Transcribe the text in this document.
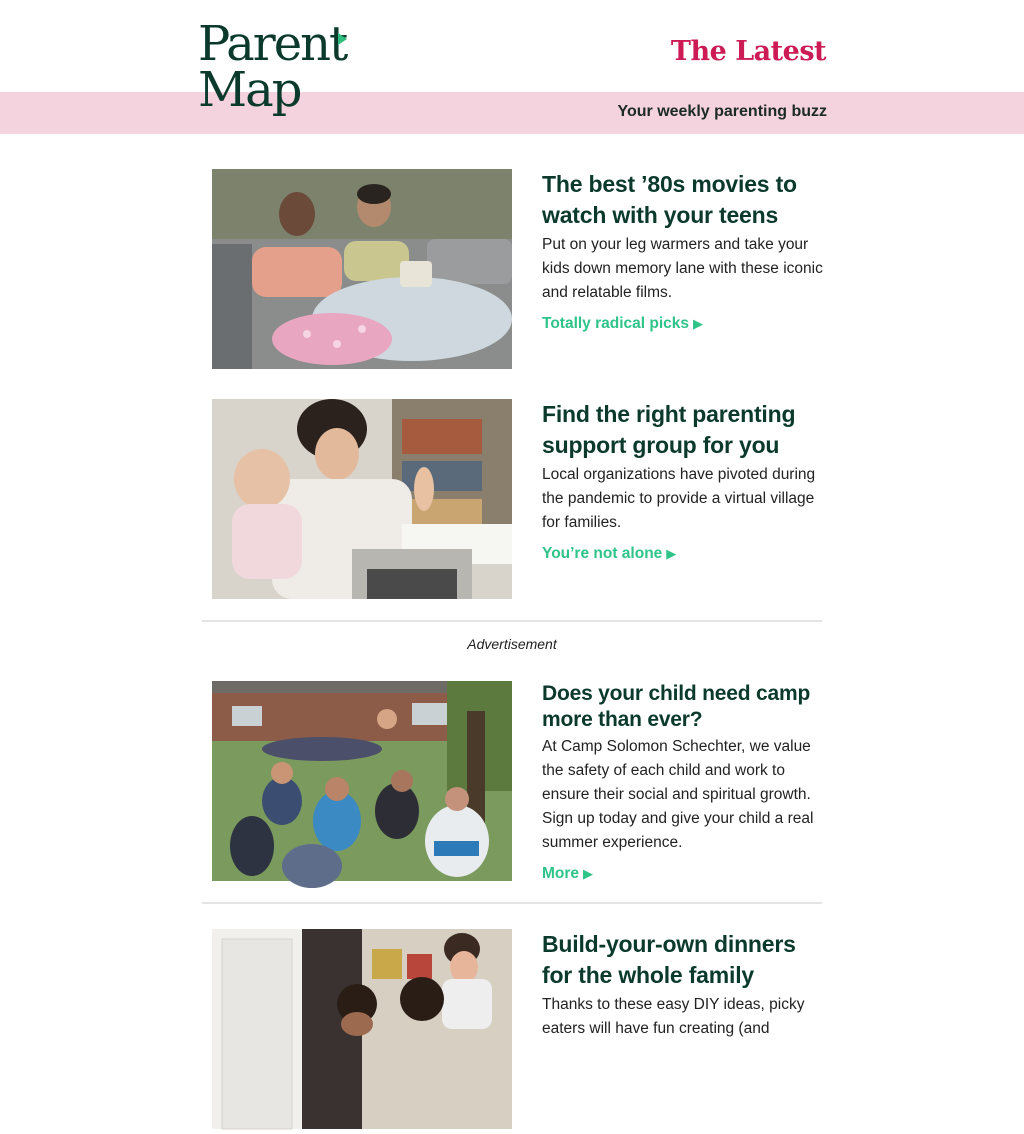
Parent
Map
The Latest
Your weekly parenting buzz
The best ’80s movies to watch with your teens
Put on your leg warmers and take your kids down memory lane with these iconic and relatable films.
Totally radical picks ▶
Find the right parenting support group for you
Local organizations have pivoted during the pandemic to provide a virtual village for families.
You’re not alone ▶
Advertisement
Does your child need camp more than ever?
At Camp Solomon Schechter, we value the safety of each child and work to ensure their social and spiritual growth. Sign up today and give your child a real summer experience.
More ▶
Build-your-own dinners for the whole family
Thanks to these easy DIY ideas, picky eaters will have fun creating (and
